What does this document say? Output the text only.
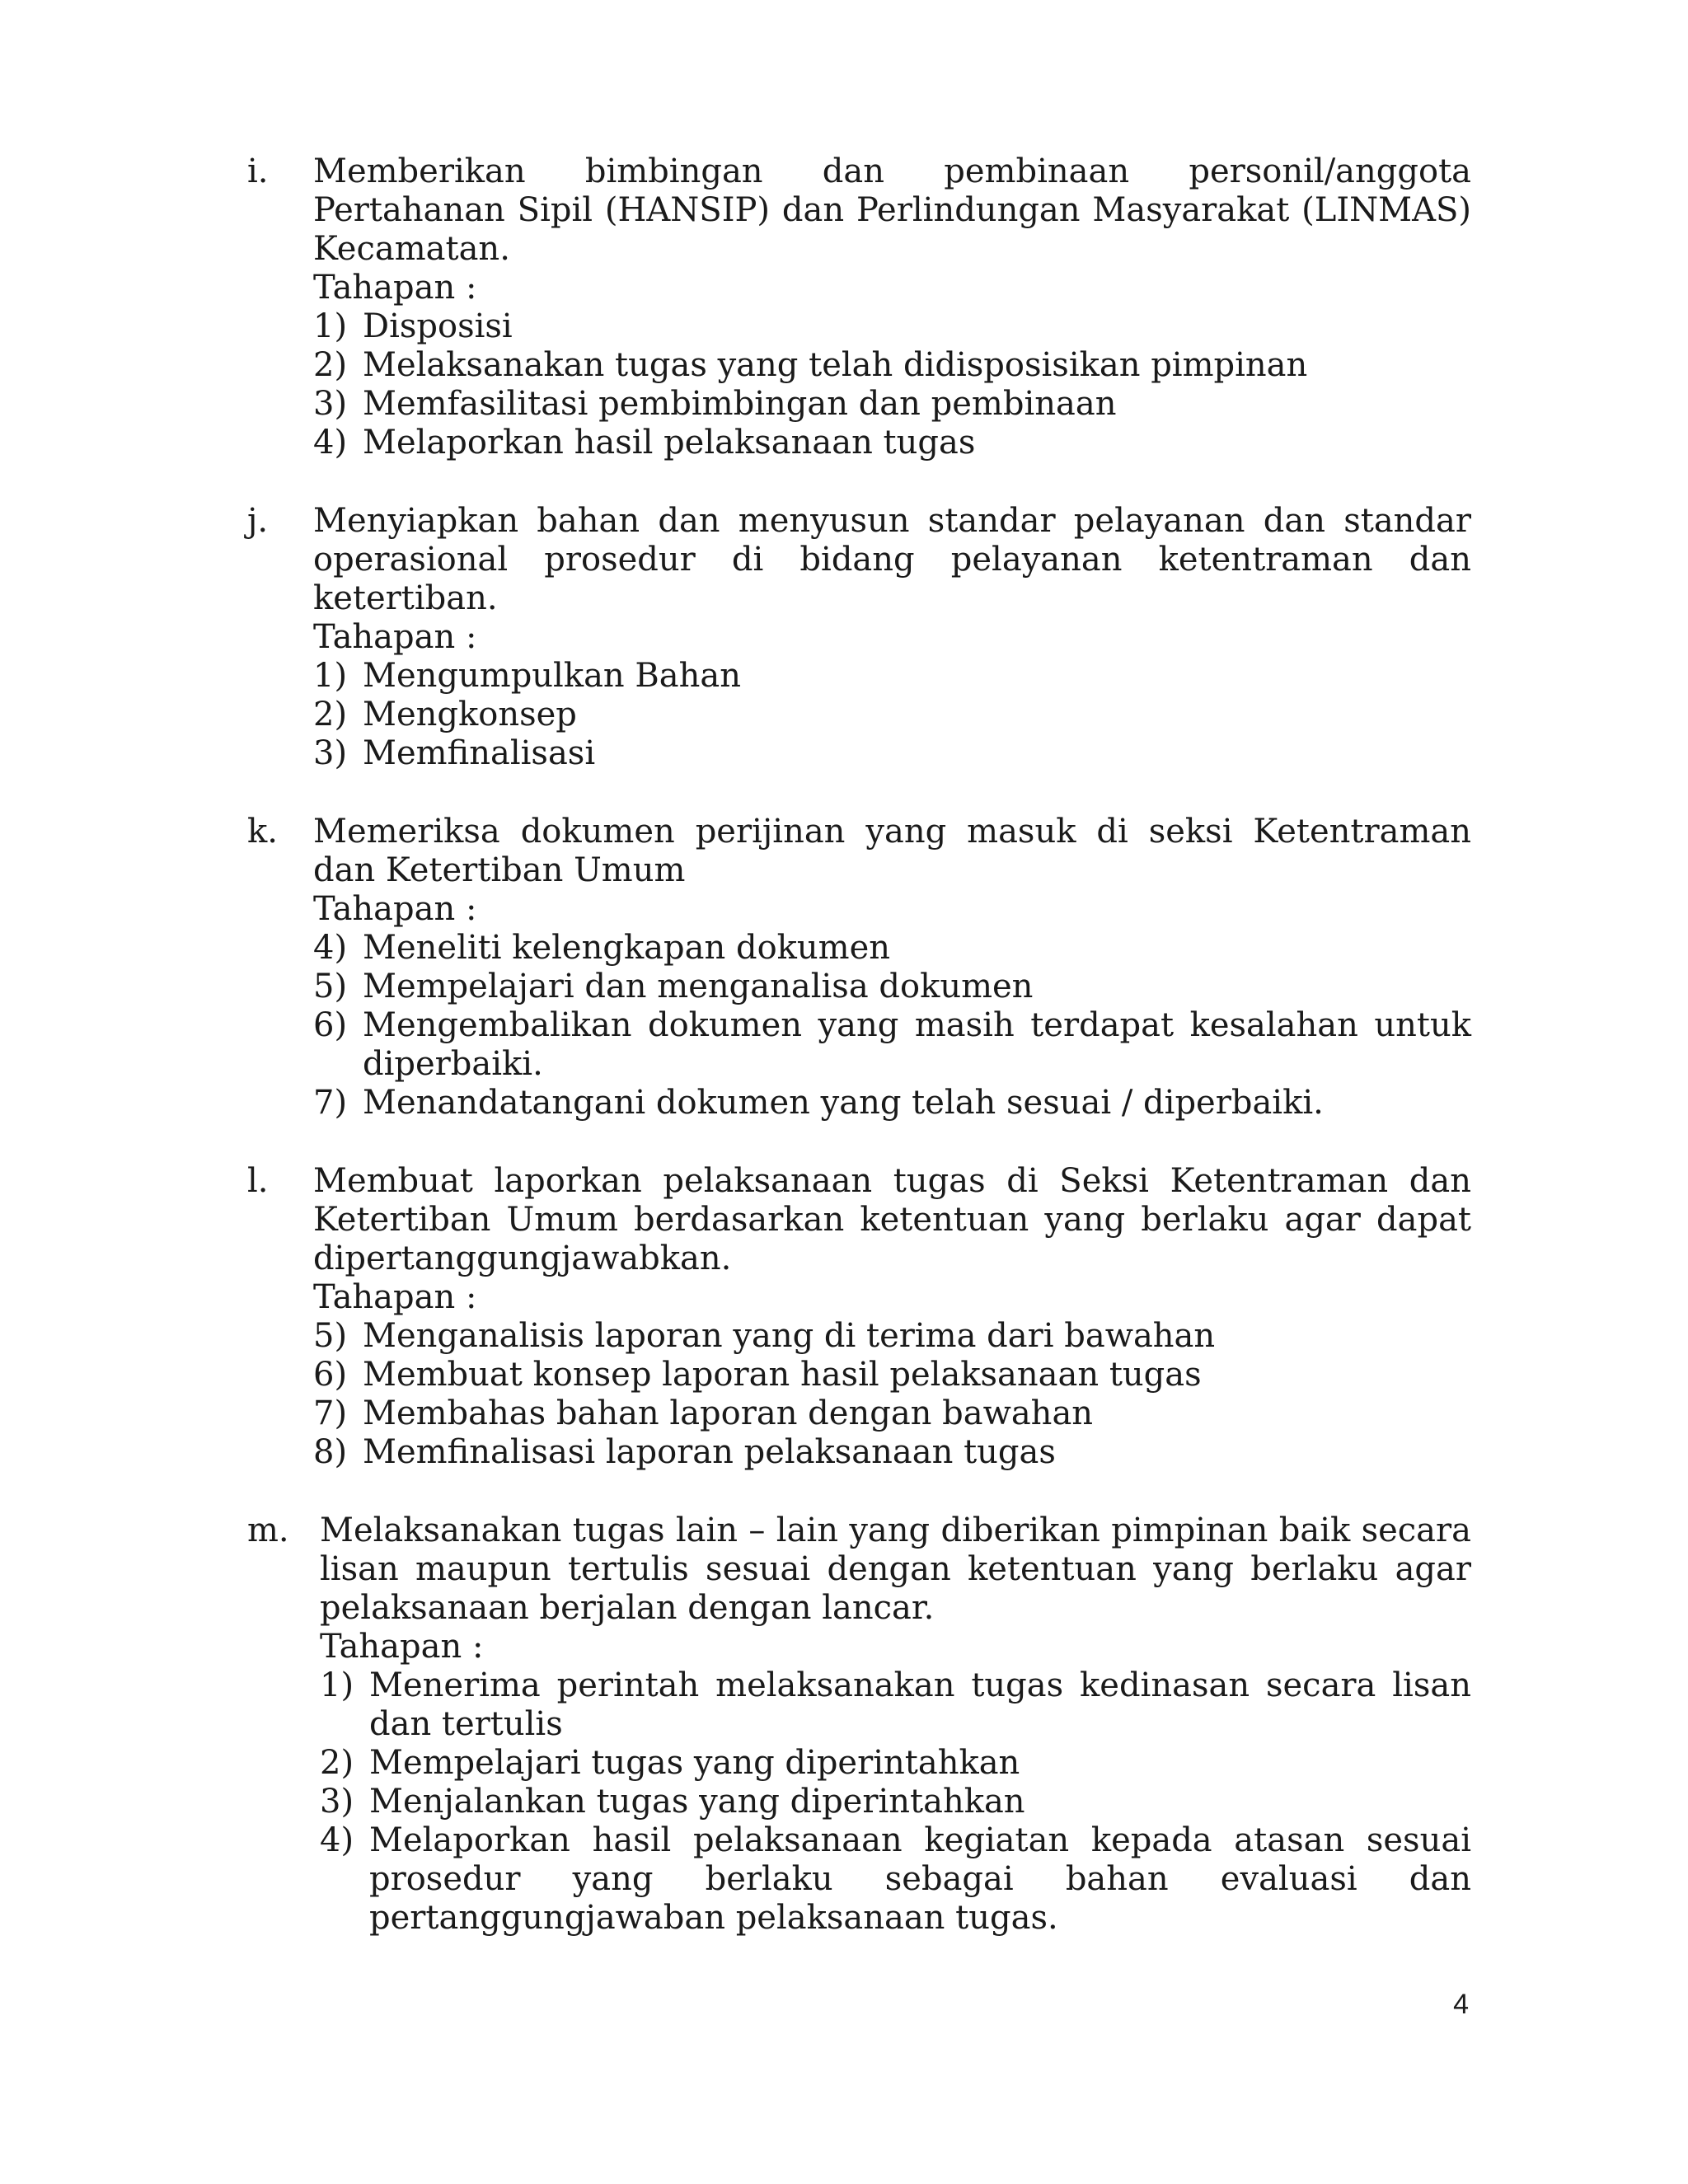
i. Memberikan bimbingan dan pembinaan personil/anggota Pertahanan Sipil (HANSIP) dan Perlindungan Masyarakat (LINMAS) Kecamatan.

Tahapan :

1) Disposisi
2) Melaksanakan tugas yang telah didisposisikan pimpinan
3) Memfasilitasi pembimbingan dan pembinaan
4) Melaporkan hasil pelaksanaan tugas
j. Menyiapkan bahan dan menyusun standar pelayanan dan standar operasional prosedur di bidang pelayanan ketentraman dan ketertiban.

Tahapan :

1) Mengumpulkan Bahan
2) Mengkonsep
3) Memfinalisasi
k. Memeriksa dokumen perijinan yang masuk di seksi Ketentraman dan Ketertiban Umum

Tahapan :

4) Meneliti kelengkapan dokumen
5) Mempelajari dan menganalisa dokumen
6) Mengembalikan dokumen yang masih terdapat kesalahan untuk diperbaiki.
7) Menandatangani dokumen yang telah sesuai / diperbaiki.
l. Membuat laporkan pelaksanaan tugas di Seksi Ketentraman dan Ketertiban Umum berdasarkan ketentuan yang berlaku agar dapat dipertanggungjawabkan.

Tahapan :

5) Menganalisis laporan yang di terima dari bawahan
6) Membuat konsep laporan hasil pelaksanaan tugas
7) Membahas bahan laporan dengan bawahan
8) Memfinalisasi laporan pelaksanaan tugas
m. Melaksanakan tugas lain – lain yang diberikan pimpinan baik secara lisan maupun tertulis sesuai dengan ketentuan yang berlaku agar pelaksanaan berjalan dengan lancar.

Tahapan :

1) Menerima perintah melaksanakan tugas kedinasan secara lisan dan tertulis
2) Mempelajari tugas yang diperintahkan
3) Menjalankan tugas yang diperintahkan
4) Melaporkan hasil pelaksanaan kegiatan kepada atasan sesuai prosedur yang berlaku sebagai bahan evaluasi dan pertanggungjawaban pelaksanaan tugas.
4
